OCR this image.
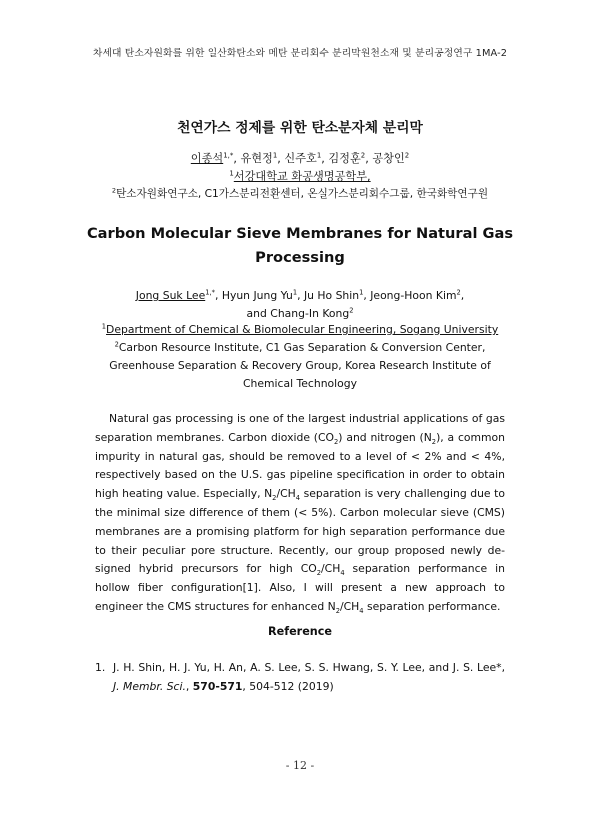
차세대 탄소자원화를 위한 일산화탄소와 메탄 분리회수 분리막원천소재 및 분리공정연구 1MA-2
천연가스 정제를 위한 탄소분자체 분리막
이종석$^{1,*}$, 유현정$^1$, 신주호$^1$, 김정훈$^2$, 공창인$^2$
$^1$서강대학교 화공생명공학부,
$^2$탄소자원화연구소, C1가스분리전환센터, 온실가스분리회수그룹, 한국화학연구원
Carbon Molecular Sieve Membranes for Natural Gas
Processing
Jong Suk Lee$^{1,*}$, Hyun Jung Yu$^1$, Ju Ho Shin$^1$, Jeong-Hoon Kim$^2$,
and Chang-In Kong$^2$
$^1$Department of Chemical & Biomolecular Engineering, Sogang University
$^2$Carbon Resource Institute, C1 Gas Separation & Conversion Center,
Greenhouse Separation & Recovery Group, Korea Research Institute of
Chemical Technology

Natural gas processing is one of the largest industrial applications of gas separation membranes. Carbon dioxide $(CO_2)$ and nitrogen $(N_2)$, a common impurity in natural gas, should be removed to a level of < 2% and < 4%, respectively based on the U.S. gas pipeline specification in order to obtain high heating value. Especially, $N_2/CH_4$ separation is very challenging due to the minimal size difference of them (< 5%). Carbon molecular sieve (CMS) membranes are a promising platform for high separation performance due to their peculiar pore structure. Recently, our group proposed newly de-signed hybrid precursors for high $CO_2/CH_4$ separation performance in hollow fiber configuration[1]. Also, I will present a new approach to engineer the CMS structures for enhanced $N_2/CH_4$ separation performance.

Reference
1. J. H. Shin, H. J. Yu, H. An, A. S. Lee, S. S. Hwang, S. Y. Lee, and J. S. Lee*, J. Membr. Sci., 570-571, 504-512 (2019)
- 12 -
